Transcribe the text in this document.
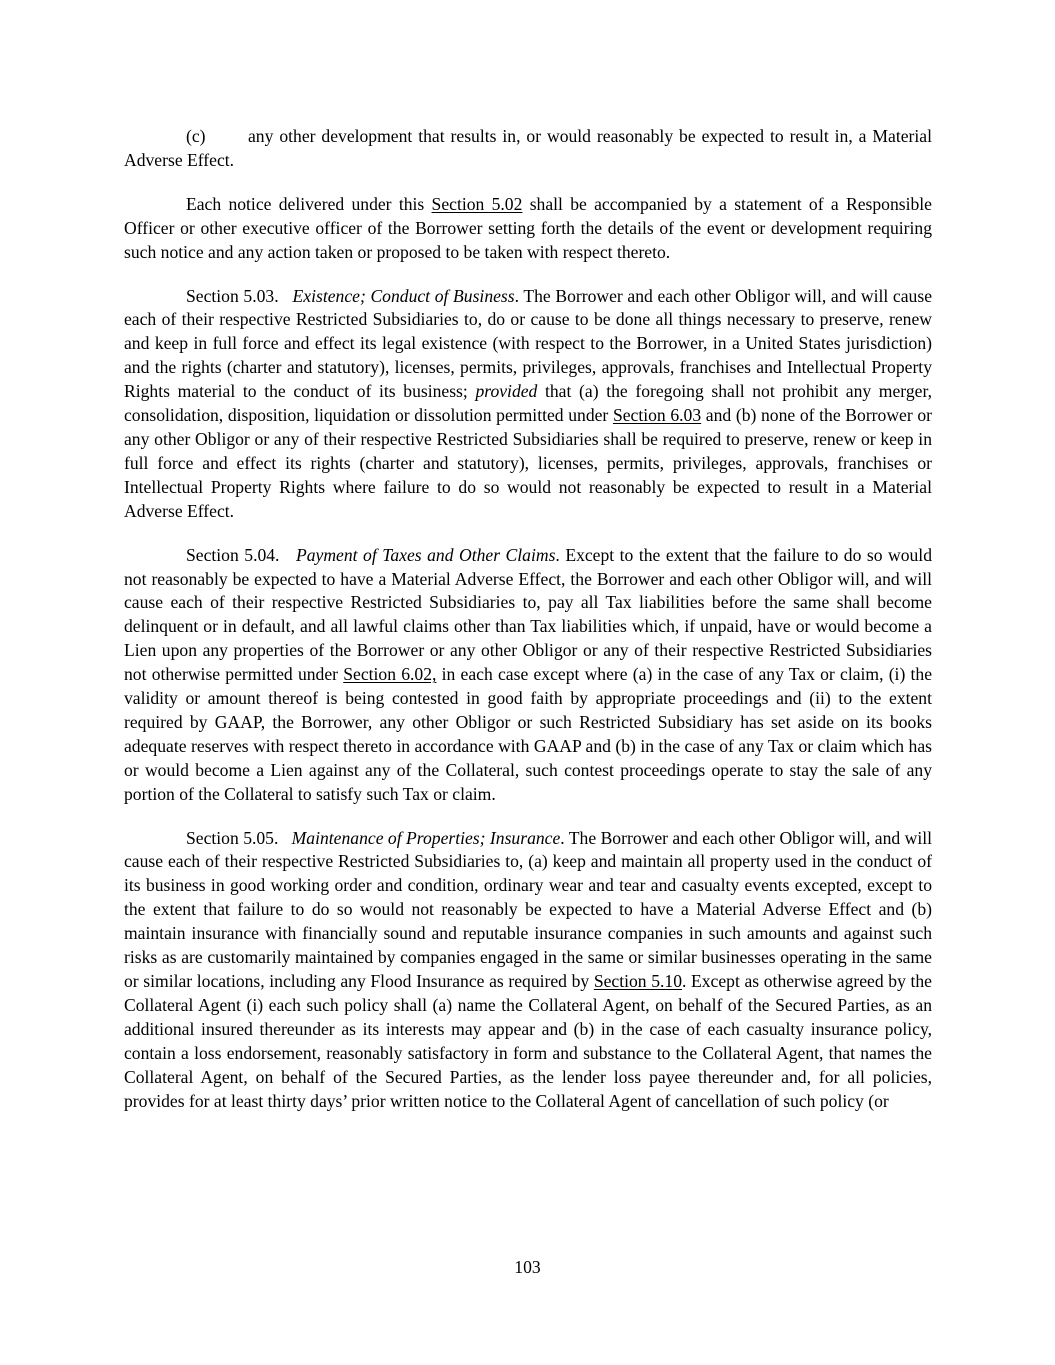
(c) any other development that results in, or would reasonably be expected to result in, a Material Adverse Effect.

Each notice delivered under this Section 5.02 shall be accompanied by a statement of a Responsible Officer or other executive officer of the Borrower setting forth the details of the event or development requiring such notice and any action taken or proposed to be taken with respect thereto.

Section 5.03. Existence; Conduct of Business. The Borrower and each other Obligor will, and will cause each of their respective Restricted Subsidiaries to, do or cause to be done all things necessary to preserve, renew and keep in full force and effect its legal existence (with respect to the Borrower, in a United States jurisdiction) and the rights (charter and statutory), licenses, permits, privileges, approvals, franchises and Intellectual Property Rights material to the conduct of its business; provided that (a) the foregoing shall not prohibit any merger, consolidation, disposition, liquidation or dissolution permitted under Section 6.03 and (b) none of the Borrower or any other Obligor or any of their respective Restricted Subsidiaries shall be required to preserve, renew or keep in full force and effect its rights (charter and statutory), licenses, permits, privileges, approvals, franchises or Intellectual Property Rights where failure to do so would not reasonably be expected to result in a Material Adverse Effect.

Section 5.04. Payment of Taxes and Other Claims. Except to the extent that the failure to do so would not reasonably be expected to have a Material Adverse Effect, the Borrower and each other Obligor will, and will cause each of their respective Restricted Subsidiaries to, pay all Tax liabilities before the same shall become delinquent or in default, and all lawful claims other than Tax liabilities which, if unpaid, have or would become a Lien upon any properties of the Borrower or any other Obligor or any of their respective Restricted Subsidiaries not otherwise permitted under Section 6.02, in each case except where (a) in the case of any Tax or claim, (i) the validity or amount thereof is being contested in good faith by appropriate proceedings and (ii) to the extent required by GAAP, the Borrower, any other Obligor or such Restricted Subsidiary has set aside on its books adequate reserves with respect thereto in accordance with GAAP and (b) in the case of any Tax or claim which has or would become a Lien against any of the Collateral, such contest proceedings operate to stay the sale of any portion of the Collateral to satisfy such Tax or claim.

Section 5.05. Maintenance of Properties; Insurance. The Borrower and each other Obligor will, and will cause each of their respective Restricted Subsidiaries to, (a) keep and maintain all property used in the conduct of its business in good working order and condition, ordinary wear and tear and casualty events excepted, except to the extent that failure to do so would not reasonably be expected to have a Material Adverse Effect and (b) maintain insurance with financially sound and reputable insurance companies in such amounts and against such risks as are customarily maintained by companies engaged in the same or similar businesses operating in the same or similar locations, including any Flood Insurance as required by Section 5.10. Except as otherwise agreed by the Collateral Agent (i) each such policy shall (a) name the Collateral Agent, on behalf of the Secured Parties, as an additional insured thereunder as its interests may appear and (b) in the case of each casualty insurance policy, contain a loss endorsement, reasonably satisfactory in form and substance to the Collateral Agent, that names the Collateral Agent, on behalf of the Secured Parties, as the lender loss payee thereunder and, for all policies, provides for at least thirty days’ prior written notice to the Collateral Agent of cancellation of such policy (or

103
